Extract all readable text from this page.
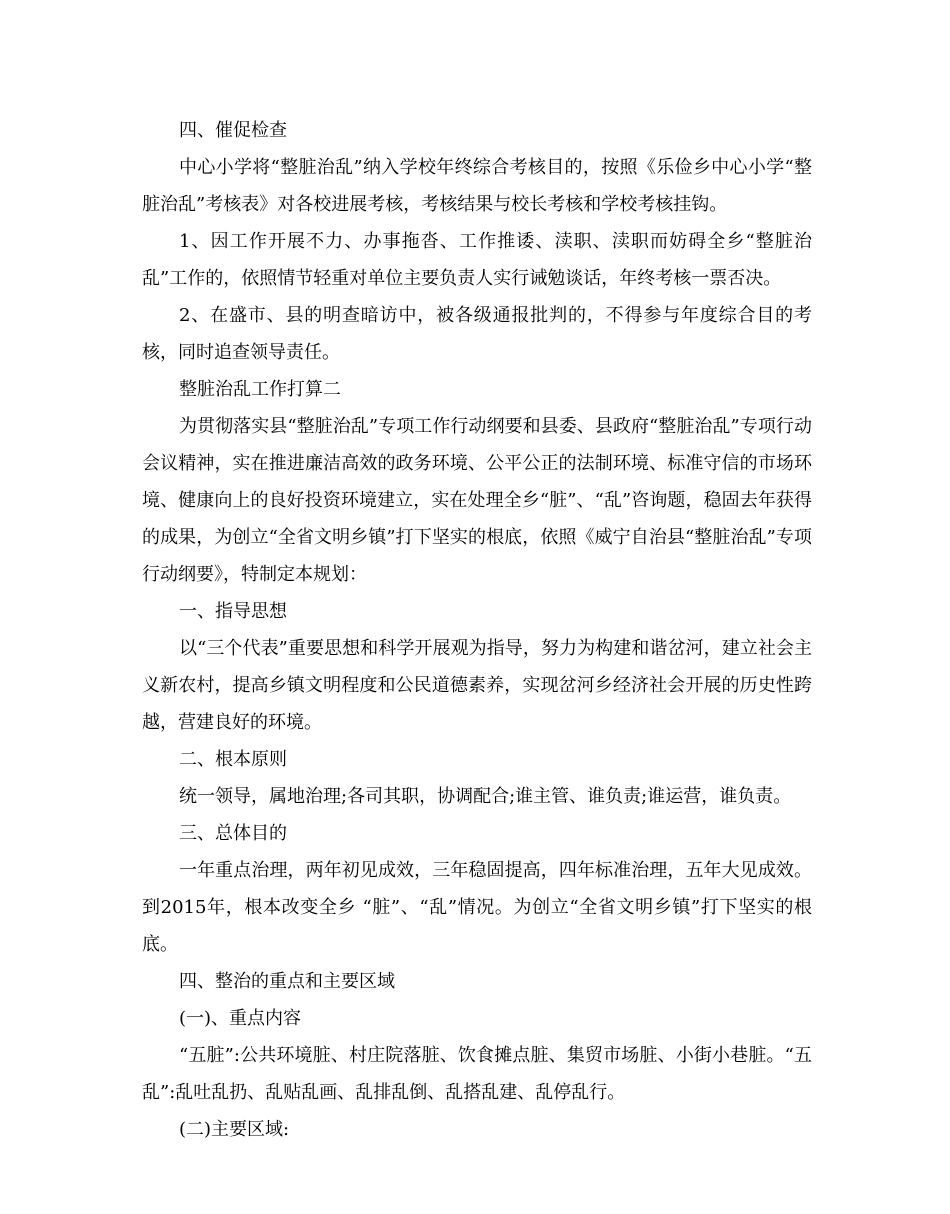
四、催促检查

中心小学将“整脏治乱”纳入学校年终综合考核目的，按照《乐俭乡中心小学“整脏治乱”考核表》对各校进展考核，考核结果与校长考核和学校考核挂钩。

1、因工作开展不力、办事拖沓、工作推诿、渎职、渎职而妨碍全乡“整脏治乱”工作的，依照情节轻重对单位主要负责人实行诫勉谈话，年终考核一票否决。

2、在盛市、县的明查暗访中，被各级通报批判的，不得参与年度综合目的考核，同时追查领导责任。

整脏治乱工作打算二

为贯彻落实县“整脏治乱”专项工作行动纲要和县委、县政府“整脏治乱”专项行动会议精神，实在推进廉洁高效的政务环境、公平公正的法制环境、标准守信的市场环境、健康向上的良好投资环境建立，实在处理全乡“脏”、“乱”咨询题，稳固去年获得的成果，为创立“全省文明乡镇”打下坚实的根底，依照《威宁自治县“整脏治乱”专项行动纲要》，特制定本规划：

一、指导思想

以“三个代表”重要思想和科学开展观为指导，努力为构建和谐岔河，建立社会主义新农村，提高乡镇文明程度和公民道德素养，实现岔河乡经济社会开展的历史性跨越，营建良好的环境。

二、根本原则

统一领导，属地治理;各司其职，协调配合;谁主管、谁负责;谁运营，谁负责。

三、总体目的

一年重点治理，两年初见成效，三年稳固提高，四年标准治理，五年大见成效。到2015年，根本改变全乡 “脏”、“乱”情况。为创立“全省文明乡镇”打下坚实的根底。

四、整治的重点和主要区域

(一)、重点内容

“五脏”:公共环境脏、村庄院落脏、饮食摊点脏、集贸市场脏、小街小巷脏。“五乱”:乱吐乱扔、乱贴乱画、乱排乱倒、乱搭乱建、乱停乱行。

(二)主要区域:
